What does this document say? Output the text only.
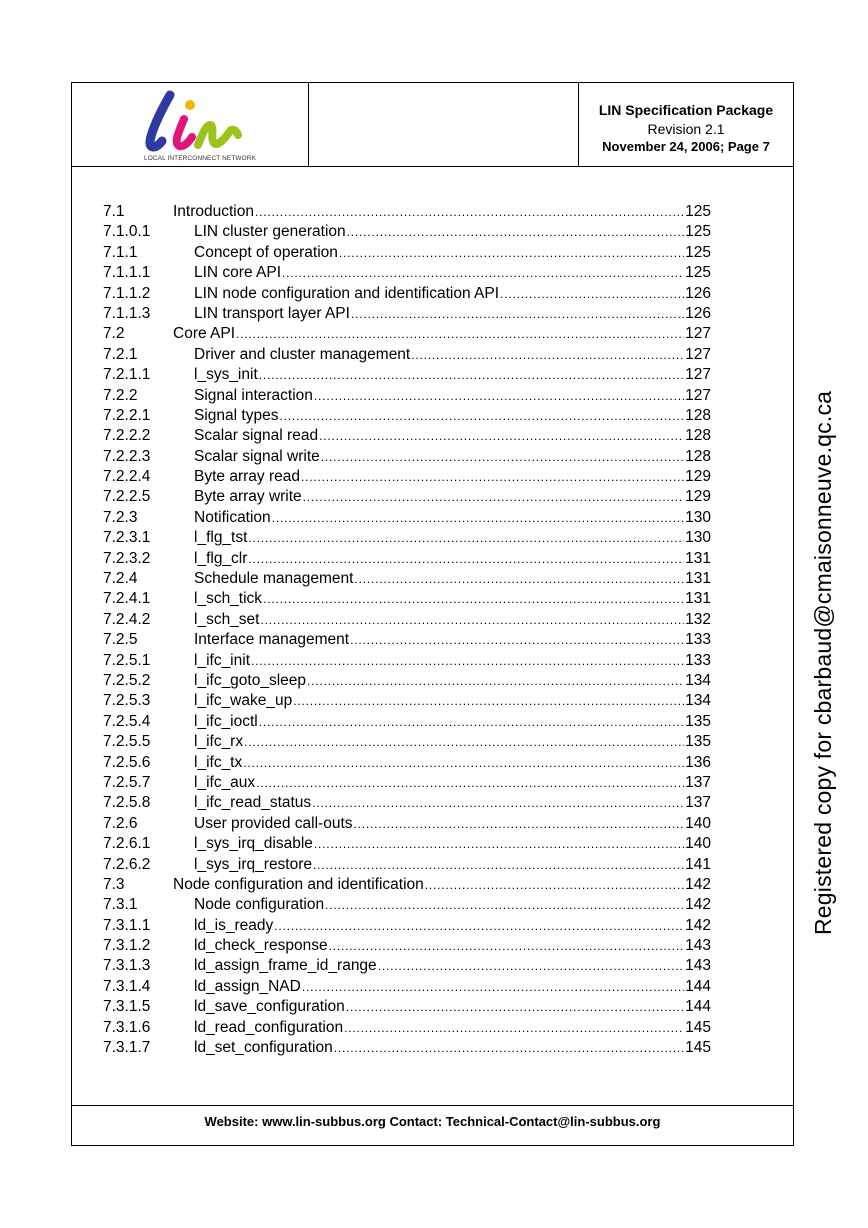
LOCAL INTERCONNECT NETWORK
LIN Specification Package
Revision 2.1
November 24, 2006; Page 7
Website: www.lin-subbus.org Contact: Technical-Contact@lin-subbus.org
7.1	Introduction .....	125
7.1.0.1	LIN cluster generation .....	125
7.1.1	Concept of operation .....	125
7.1.1.1	LIN core API .....	125
7.1.1.2	LIN node configuration and identification API .....	126
7.1.1.3	LIN transport layer API .....	126
7.2	Core API .....	127
7.2.1	Driver and cluster management .....	127
7.2.1.1	l_sys_init .....	127
7.2.2	Signal interaction .....	127
7.2.2.1	Signal types .....	128
7.2.2.2	Scalar signal read .....	128
7.2.2.3	Scalar signal write .....	128
7.2.2.4	Byte array read .....	129
7.2.2.5	Byte array write .....	129
7.2.3	Notification .....	130
7.2.3.1	l_flg_tst .....	130
7.2.3.2	l_flg_clr .....	131
7.2.4	Schedule management .....	131
7.2.4.1	l_sch_tick .....	131
7.2.4.2	l_sch_set .....	132
7.2.5	Interface management .....	133
7.2.5.1	l_ifc_init .....	133
7.2.5.2	l_ifc_goto_sleep .....	134
7.2.5.3	l_ifc_wake_up .....	134
7.2.5.4	l_ifc_ioctl .....	135
7.2.5.5	l_ifc_rx .....	135
7.2.5.6	l_ifc_tx .....	136
7.2.5.7	l_ifc_aux .....	137
7.2.5.8	l_ifc_read_status .....	137
7.2.6	User provided call-outs .....	140
7.2.6.1	l_sys_irq_disable .....	140
7.2.6.2	l_sys_irq_restore .....	141
7.3	Node configuration and identification .....	142
7.3.1	Node configuration .....	142
7.3.1.1	ld_is_ready .....	142
7.3.1.2	ld_check_response .....	143
7.3.1.3	ld_assign_frame_id_range .....	143
7.3.1.4	ld_assign_NAD .....	144
7.3.1.5	ld_save_configuration .....	144
7.3.1.6	ld_read_configuration .....	145
7.3.1.7	ld_set_configuration .....	145
Registered copy for cbarbaud@cmaisonneuve.qc.ca
